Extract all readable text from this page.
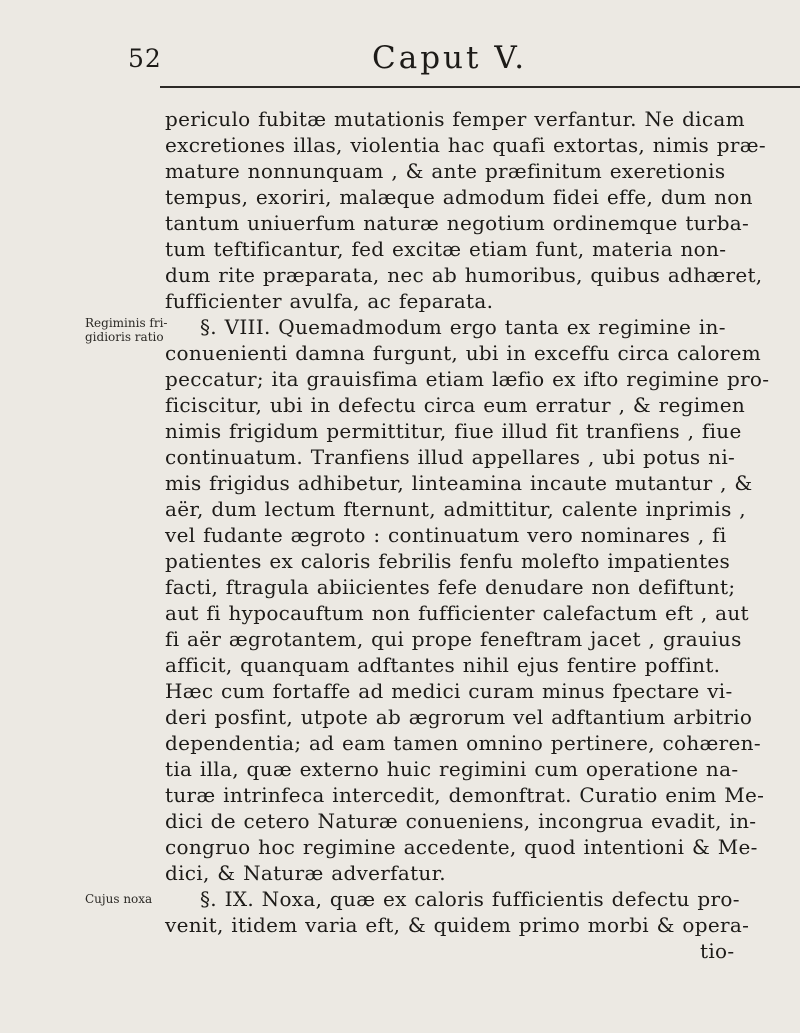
52	Caput V.
periculo fubitæ mutationis femper verfantur. Ne dicam
excretiones illas, violentia hac quafi extortas, nimis præ-
mature nonnunquam , & ante præfinitum exeretionis
tempus, exoriri, malæque admodum fidei effe, dum non
tantum uniuerfum naturæ negotium ordinemque turba-
tum teftificantur, fed excitæ etiam funt, materia non-
dum rite præparata, nec ab humoribus, quibus adhæret,
fufficienter avulfa, ac feparata.
§. VIII. Quemadmodum ergo tanta ex regimine in-
conuenienti damna furgunt, ubi in exceffu circa calorem
peccatur; ita grauisfima etiam læfio ex ifto regimine pro-
ficiscitur, ubi in defectu circa eum erratur , & regimen
nimis frigidum permittitur, fiue illud fit tranfiens , fiue
continuatum. Tranfiens illud appellares , ubi potus ni-
mis frigidus adhibetur, linteamina incaute mutantur , &
aër, dum lectum fternunt, admittitur, calente inprimis ,
vel fudante ægroto : continuatum vero nominares , fi
patientes ex caloris febrilis fenfu molefto impatientes
facti, ftragula abiicientes fefe denudare non defiftunt;
aut fi hypocauftum non fufficienter calefactum eft , aut
fi aër ægrotantem, qui prope feneftram jacet , grauius
afficit, quanquam adftantes nihil ejus fentire poffint.
Hæc cum fortaffe ad medici curam minus fpectare vi-
deri posfint, utpote ab ægrorum vel adftantium arbitrio
dependentia; ad eam tamen omnino pertinere, cohæren-
tia illa, quæ externo huic regimini cum operatione na-
turæ intrinfeca intercedit, demonftrat. Curatio enim Me-
dici de cetero Naturæ conueniens, incongrua evadit, in-
congruo hoc regimine accedente, quod intentioni & Me-
dici, & Naturæ adverfatur.
§. IX. Noxa, quæ ex caloris fufficientis defectu pro-
venit, itidem varia eft, & quidem primo morbi & opera-
tio-
Regiminis fri-
gidioris ratio
Cujus noxa
